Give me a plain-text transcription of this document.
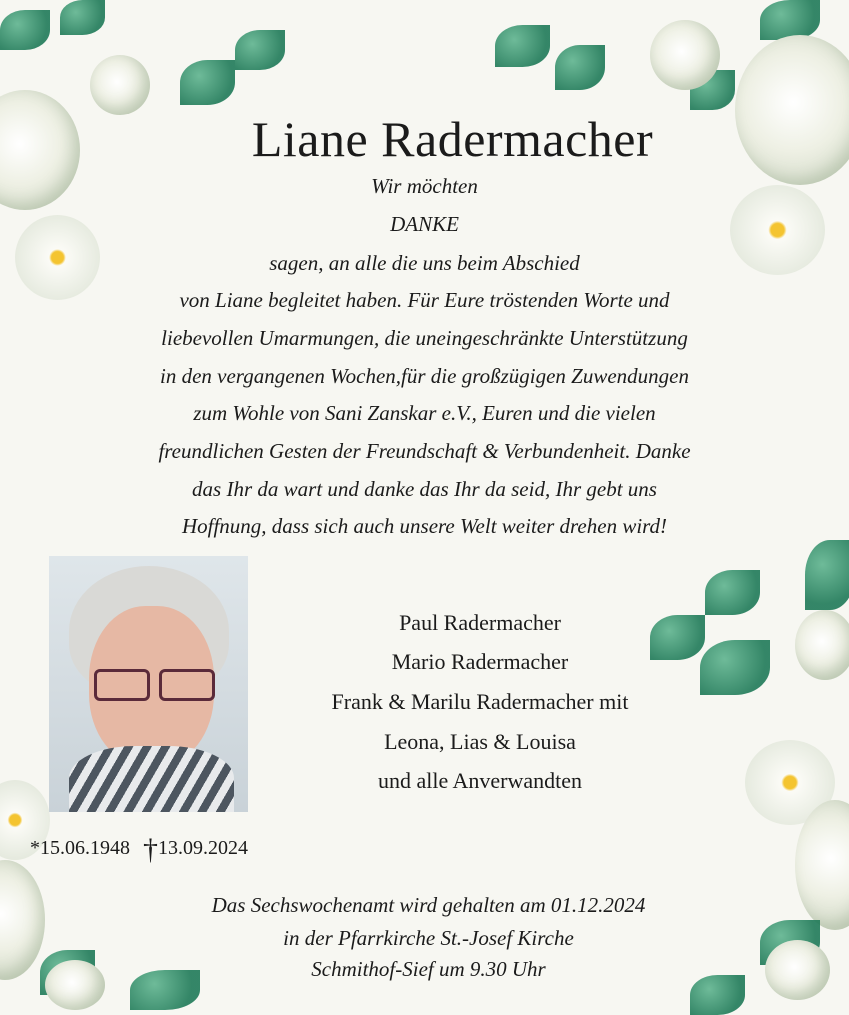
Liane Radermacher
Wir möchten
DANKE
sagen, an alle die uns beim Abschied
von Liane begleitet haben. Für Eure tröstenden Worte und
liebevollen Umarmungen, die uneingeschränkte Unterstützung
in den vergangenen Wochen,für die großzügigen Zuwendungen
zum Wohle von Sani Zanskar e.V., Euren und die vielen
freundlichen Gesten der Freundschaft & Verbundenheit. Danke
das Ihr da wart und danke das Ihr da seid, Ihr gebt uns
Hoffnung, dass sich auch unsere Welt weiter drehen wird!
Paul Radermacher
Mario Radermacher
Frank & Marilu Radermacher mit
Leona, Lias & Louisa
und alle Anverwandten
*15.06.1948 †13.09.2024
Das Sechswochenamt wird gehalten am 01.12.2024
in der Pfarrkirche St.-Josef Kirche
Schmithof-Sief um 9.30 Uhr
